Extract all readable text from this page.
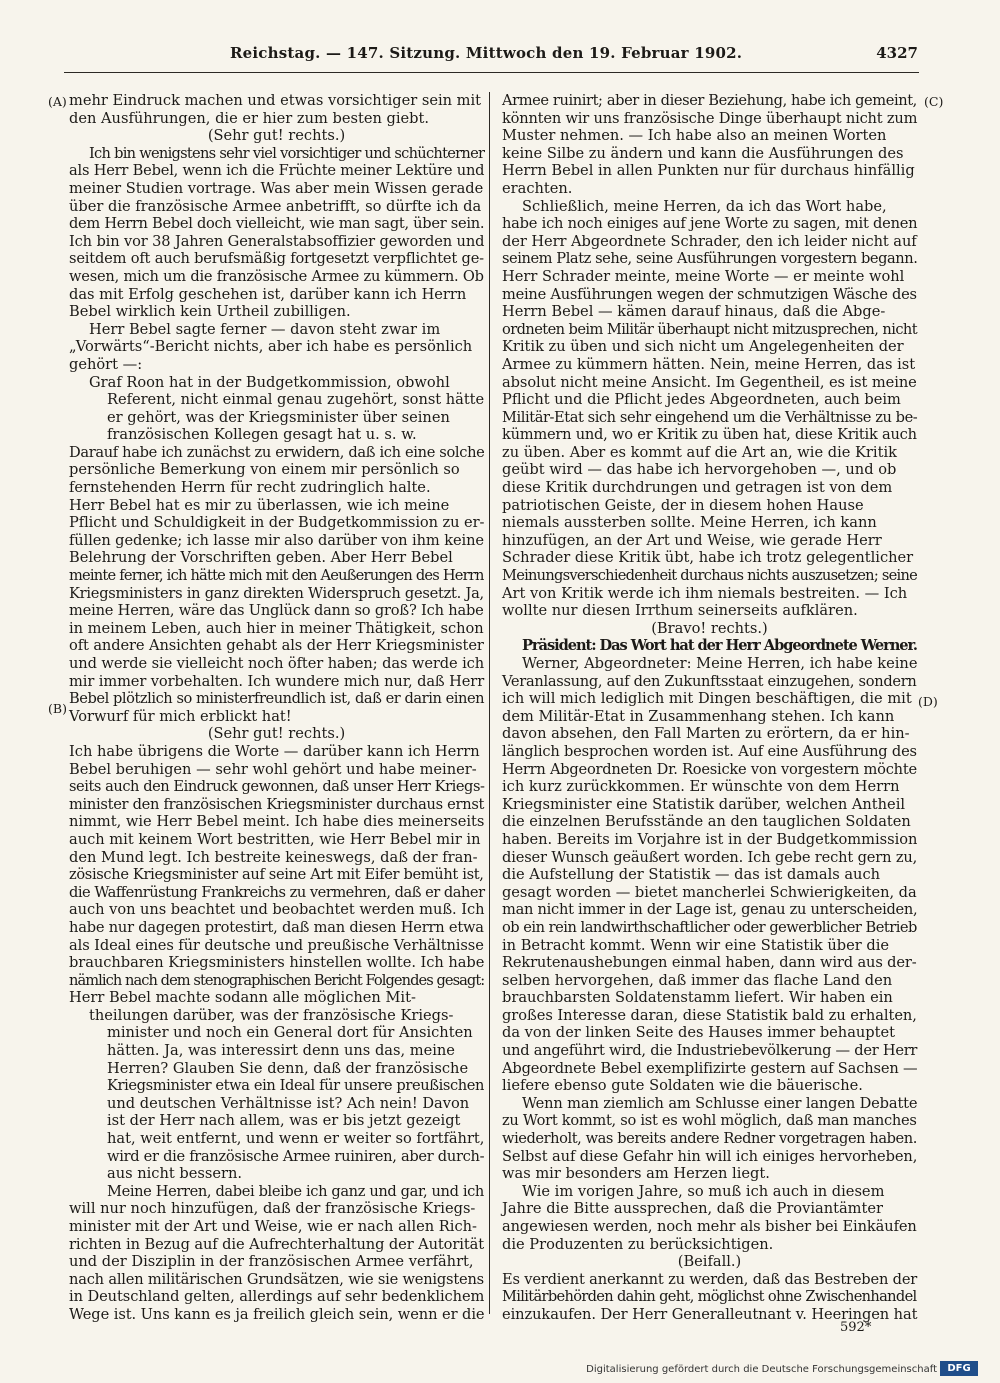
Reichstag. — 147. Sitzung. Mittwoch den 19. Februar 1902.	4327
(A)
(B)
(C)
(D)
mehr Eindruck machen und etwas vorsichtiger sein mit
den Ausführungen, die er hier zum besten giebt.
(Sehr gut! rechts.)
Ich bin wenigstens sehr viel vorsichtiger und schüchterner
als Herr Bebel, wenn ich die Früchte meiner Lektüre und
meiner Studien vortrage. Was aber mein Wissen gerade
über die französische Armee anbetrifft, so dürfte ich da
dem Herrn Bebel doch vielleicht, wie man sagt, über sein.
Ich bin vor 38 Jahren Generalstabsoffizier geworden und
seitdem oft auch berufsmäßig fortgesetzt verpflichtet ge-
wesen, mich um die französische Armee zu kümmern. Ob
das mit Erfolg geschehen ist, darüber kann ich Herrn
Bebel wirklich kein Urtheil zubilligen.
Herr Bebel sagte ferner — davon steht zwar im
„Vorwärts“-Bericht nichts, aber ich habe es persönlich
gehört —:
Graf Roon hat in der Budgetkommission, obwohl
Referent, nicht einmal genau zugehört, sonst hätte
er gehört, was der Kriegsminister über seinen
französischen Kollegen gesagt hat u. s. w.
Darauf habe ich zunächst zu erwidern, daß ich eine solche
persönliche Bemerkung von einem mir persönlich so
fernstehenden Herrn für recht zudringlich halte.
Herr Bebel hat es mir zu überlassen, wie ich meine
Pflicht und Schuldigkeit in der Budgetkommission zu er-
füllen gedenke; ich lasse mir also darüber von ihm keine
Belehrung der Vorschriften geben. Aber Herr Bebel
meinte ferner, ich hätte mich mit den Aeußerungen des Herrn
Kriegsministers in ganz direkten Widerspruch gesetzt. Ja,
meine Herren, wäre das Unglück dann so groß? Ich habe
in meinem Leben, auch hier in meiner Thätigkeit, schon
oft andere Ansichten gehabt als der Herr Kriegsminister
und werde sie vielleicht noch öfter haben; das werde ich
mir immer vorbehalten. Ich wundere mich nur, daß Herr
Bebel plötzlich so ministerfreundlich ist, daß er darin einen
Vorwurf für mich erblickt hat!
(Sehr gut! rechts.)
Ich habe übrigens die Worte — darüber kann ich Herrn
Bebel beruhigen — sehr wohl gehört und habe meiner-
seits auch den Eindruck gewonnen, daß unser Herr Kriegs-
minister den französischen Kriegsminister durchaus ernst
nimmt, wie Herr Bebel meint. Ich habe dies meinerseits
auch mit keinem Wort bestritten, wie Herr Bebel mir in
den Mund legt. Ich bestreite keineswegs, daß der fran-
zösische Kriegsminister auf seine Art mit Eifer bemüht ist,
die Waffenrüstung Frankreichs zu vermehren, daß er daher
auch von uns beachtet und beobachtet werden muß. Ich
habe nur dagegen protestirt, daß man diesen Herrn etwa
als Ideal eines für deutsche und preußische Verhältnisse
brauchbaren Kriegsministers hinstellen wollte. Ich habe
nämlich nach dem stenographischen Bericht Folgendes gesagt:
Herr Bebel machte sodann alle möglichen Mit-
theilungen darüber, was der französische Kriegs-
minister und noch ein General dort für Ansichten
hätten. Ja, was interessirt denn uns das, meine
Herren? Glauben Sie denn, daß der französische
Kriegsminister etwa ein Ideal für unsere preußischen
und deutschen Verhältnisse ist? Ach nein! Davon
ist der Herr nach allem, was er bis jetzt gezeigt
hat, weit entfernt, und wenn er weiter so fortfährt,
wird er die französische Armee ruiniren, aber durch-
aus nicht bessern.
Meine Herren, dabei bleibe ich ganz und gar, und ich
will nur noch hinzufügen, daß der französische Kriegs-
minister mit der Art und Weise, wie er nach allen Rich-
richten in Bezug auf die Aufrechterhaltung der Autorität
und der Disziplin in der französischen Armee verfährt,
nach allen militärischen Grundsätzen, wie sie wenigstens
in Deutschland gelten, allerdings auf sehr bedenklichem
Wege ist. Uns kann es ja freilich gleich sein, wenn er die
Armee ruinirt; aber in dieser Beziehung, habe ich gemeint,
könnten wir uns französische Dinge überhaupt nicht zum
Muster nehmen. — Ich habe also an meinen Worten
keine Silbe zu ändern und kann die Ausführungen des
Herrn Bebel in allen Punkten nur für durchaus hinfällig
erachten.
Schließlich, meine Herren, da ich das Wort habe,
habe ich noch einiges auf jene Worte zu sagen, mit denen
der Herr Abgeordnete Schrader, den ich leider nicht auf
seinem Platz sehe, seine Ausführungen vorgestern begann.
Herr Schrader meinte, meine Worte — er meinte wohl
meine Ausführungen wegen der schmutzigen Wäsche des
Herrn Bebel — kämen darauf hinaus, daß die Abge-
ordneten beim Militär überhaupt nicht mitzusprechen, nicht
Kritik zu üben und sich nicht um Angelegenheiten der
Armee zu kümmern hätten. Nein, meine Herren, das ist
absolut nicht meine Ansicht. Im Gegentheil, es ist meine
Pflicht und die Pflicht jedes Abgeordneten, auch beim
Militär-Etat sich sehr eingehend um die Verhältnisse zu be-
kümmern und, wo er Kritik zu üben hat, diese Kritik auch
zu üben. Aber es kommt auf die Art an, wie die Kritik
geübt wird — das habe ich hervorgehoben —, und ob
diese Kritik durchdrungen und getragen ist von dem
patriotischen Geiste, der in diesem hohen Hause
niemals aussterben sollte. Meine Herren, ich kann
hinzufügen, an der Art und Weise, wie gerade Herr
Schrader diese Kritik übt, habe ich trotz gelegentlicher
Meinungsverschiedenheit durchaus nichts auszusetzen; seine
Art von Kritik werde ich ihm niemals bestreiten. — Ich
wollte nur diesen Irrthum seinerseits aufklären.
(Bravo! rechts.)
Präsident: Das Wort hat der Herr Abgeordnete Werner.
Werner, Abgeordneter: Meine Herren, ich habe keine
Veranlassung, auf den Zukunftsstaat einzugehen, sondern
ich will mich lediglich mit Dingen beschäftigen, die mit
dem Militär-Etat in Zusammenhang stehen. Ich kann
davon absehen, den Fall Marten zu erörtern, da er hin-
länglich besprochen worden ist. Auf eine Ausführung des
Herrn Abgeordneten Dr. Roesicke von vorgestern möchte
ich kurz zurückkommen. Er wünschte von dem Herrn
Kriegsminister eine Statistik darüber, welchen Antheil
die einzelnen Berufsstände an den tauglichen Soldaten
haben. Bereits im Vorjahre ist in der Budgetkommission
dieser Wunsch geäußert worden. Ich gebe recht gern zu,
die Aufstellung der Statistik — das ist damals auch
gesagt worden — bietet mancherlei Schwierigkeiten, da
man nicht immer in der Lage ist, genau zu unterscheiden,
ob ein rein landwirthschaftlicher oder gewerblicher Betrieb
in Betracht kommt. Wenn wir eine Statistik über die
Rekrutenaushebungen einmal haben, dann wird aus der-
selben hervorgehen, daß immer das flache Land den
brauchbarsten Soldatenstamm liefert. Wir haben ein
großes Interesse daran, diese Statistik bald zu erhalten,
da von der linken Seite des Hauses immer behauptet
und angeführt wird, die Industriebevölkerung — der Herr
Abgeordnete Bebel exemplifizirte gestern auf Sachsen —
liefere ebenso gute Soldaten wie die bäuerische.
Wenn man ziemlich am Schlusse einer langen Debatte
zu Wort kommt, so ist es wohl möglich, daß man manches
wiederholt, was bereits andere Redner vorgetragen haben.
Selbst auf diese Gefahr hin will ich einiges hervorheben,
was mir besonders am Herzen liegt.
Wie im vorigen Jahre, so muß ich auch in diesem
Jahre die Bitte aussprechen, daß die Proviantämter
angewiesen werden, noch mehr als bisher bei Einkäufen
die Produzenten zu berücksichtigen.
(Beifall.)
Es verdient anerkannt zu werden, daß das Bestreben der
Militärbehörden dahin geht, möglichst ohne Zwischenhandel
einzukaufen. Der Herr Generalleutnant v. Heeringen hat
592*
Digitalisierung gefördert durch die Deutsche Forschungsgemeinschaft	DFG
